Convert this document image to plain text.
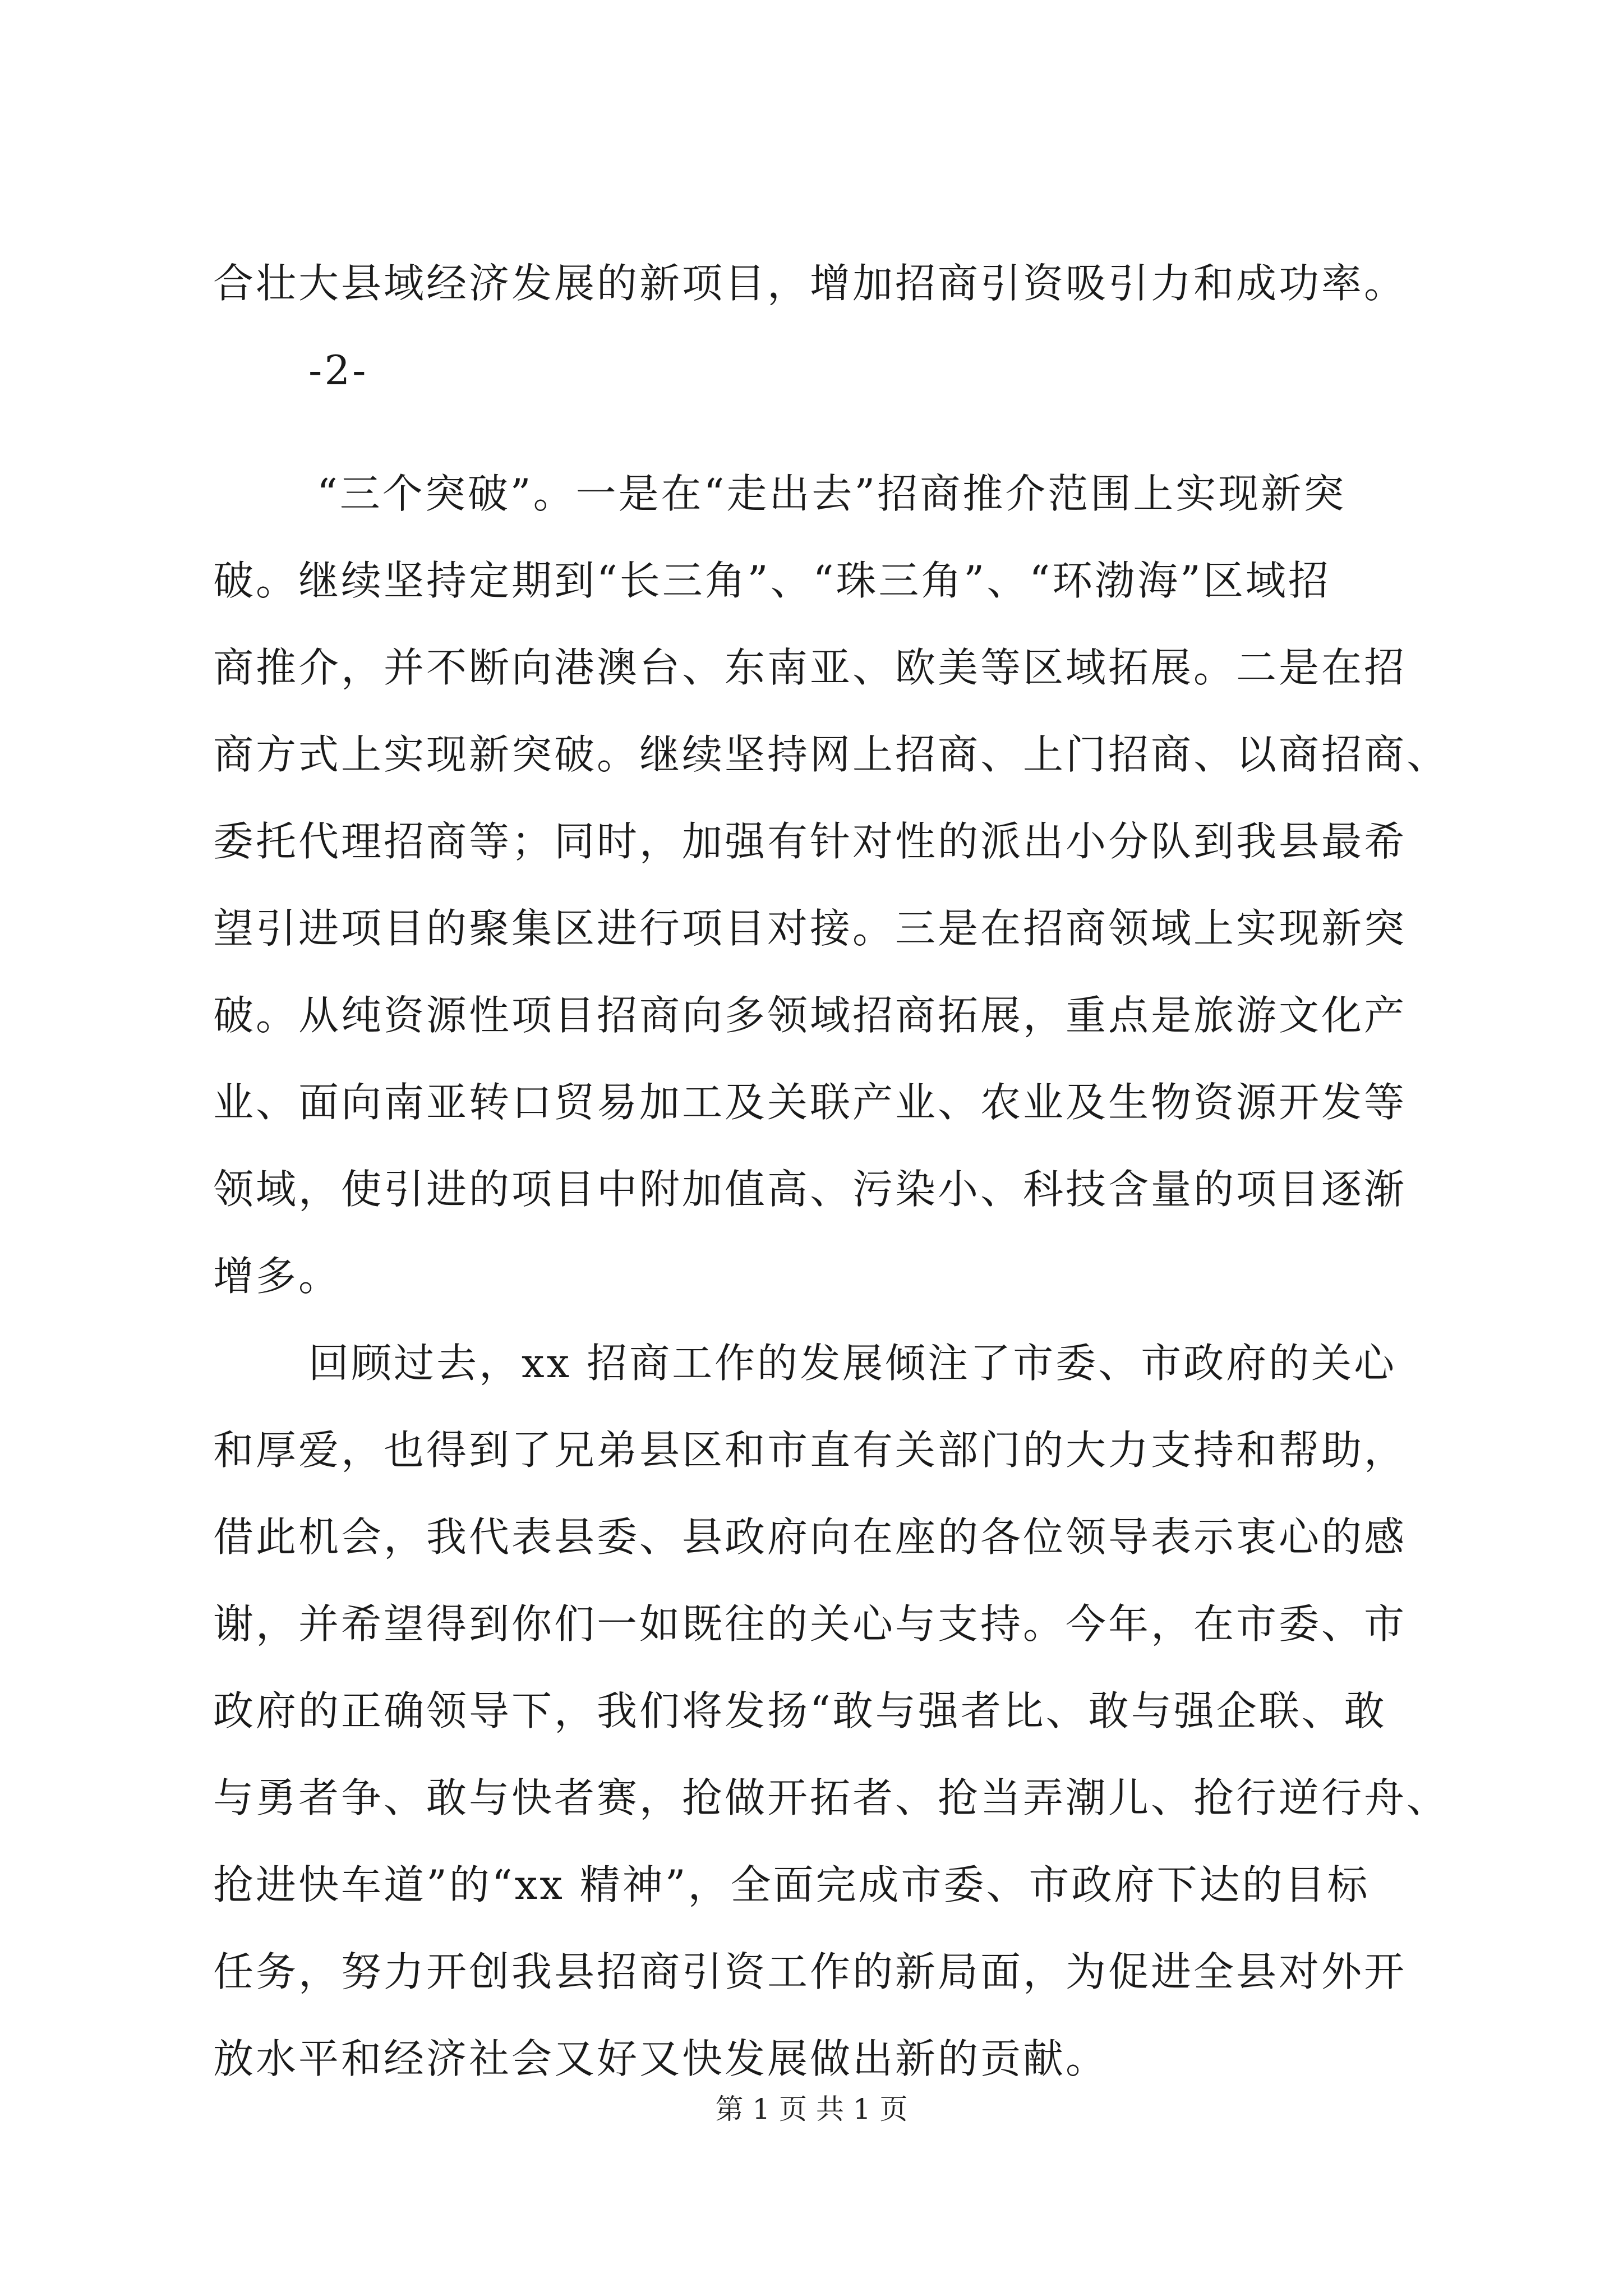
合壮大县域经济发展的新项目，增加招商引资吸引力和成功率。
-2-
“三个突破”。一是在“走出去”招商推介范围上实现新突
破。继续坚持定期到“长三角”、“珠三角”、“环渤海”区域招
商推介，并不断向港澳台、东南亚、欧美等区域拓展。二是在招
商方式上实现新突破。继续坚持网上招商、上门招商、以商招商、
委托代理招商等；同时，加强有针对性的派出小分队到我县最希
望引进项目的聚集区进行项目对接。三是在招商领域上实现新突
破。从纯资源性项目招商向多领域招商拓展，重点是旅游文化产
业、面向南亚转口贸易加工及关联产业、农业及生物资源开发等
领域，使引进的项目中附加值高、污染小、科技含量的项目逐渐
增多。
回顾过去，xx 招商工作的发展倾注了市委、市政府的关心
和厚爱，也得到了兄弟县区和市直有关部门的大力支持和帮助，
借此机会，我代表县委、县政府向在座的各位领导表示衷心的感
谢，并希望得到你们一如既往的关心与支持。今年，在市委、市
政府的正确领导下，我们将发扬“敢与强者比、敢与强企联、敢
与勇者争、敢与快者赛，抢做开拓者、抢当弄潮儿、抢行逆行舟、
抢进快车道”的“xx 精神”，全面完成市委、市政府下达的目标
任务，努力开创我县招商引资工作的新局面，为促进全县对外开
放水平和经济社会又好又快发展做出新的贡献。
第 1 页 共 1 页
